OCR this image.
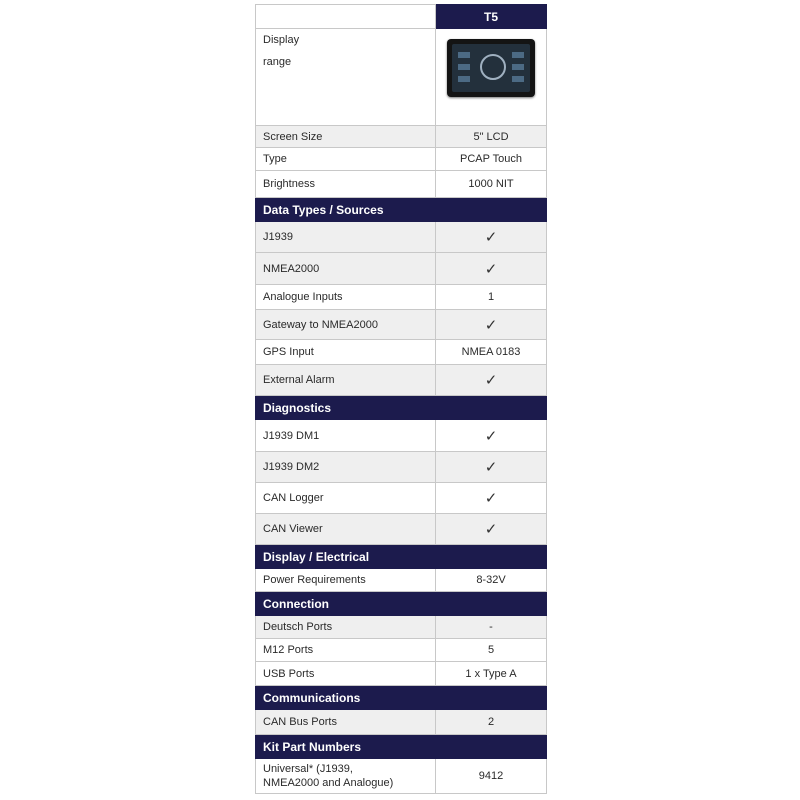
	T5
Display
range	

Screen Size	5" LCD
Type	PCAP Touch
Brightness	1000 NIT
Data Types / Sources	
J1939	✓
NMEA2000	✓
Analogue Inputs	1
Gateway to NMEA2000	✓
GPS Input	NMEA 0183
External Alarm	✓
Diagnostics	
J1939 DM1	✓
J1939 DM2	✓
CAN Logger	✓
CAN Viewer	✓
Display / Electrical	
Power Requirements	8-32V
Connection	
Deutsch Ports	-
M12 Ports	5
USB Ports	1 x Type A
Communications	
CAN Bus Ports	2
Kit Part Numbers	
Universal* (J1939,
NMEA2000 and Analogue)	9412
